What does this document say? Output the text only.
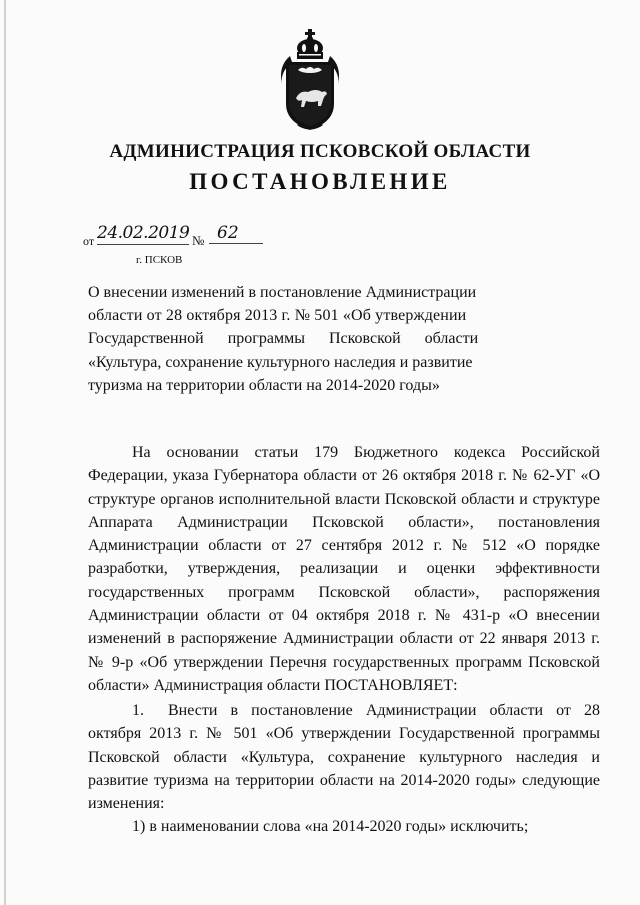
АДМИНИСТРАЦИЯ ПСКОВСКОЙ ОБЛАСТИ
ПОСТАНОВЛЕНИЕ
от 24.02.2019 № 62
г. ПСКОВ
О внесении изменений в постановление Администрации
области от 28 октября 2013 г. № 501 «Об утверждении
Государственной      программы      Псковской      области
«Культура, сохранение культурного наследия и развитие
туризма на территории области на 2014-2020 годы»
На основании статьи 179 Бюджетного кодекса Российской Федерации, указа Губернатора области от 26 октября 2018 г. № 62-УГ «О структуре органов исполнительной власти Псковской области и структуре Аппарата Администрации Псковской области», постановления Администрации области от 27 сентября 2012 г. № 512 «О порядке разработки, утверждения, реализации и оценки эффективности государственных программ Псковской области», распоряжения Администрации области от 04 октября 2018 г. № 431-р «О внесении изменений в распоряжение Администрации области от 22 января 2013 г. № 9-р «Об утверждении Перечня государственных программ Псковской области» Администрация области ПОСТАНОВЛЯЕТ:
1. Внести в постановление Администрации области от 28 октября 2013 г. № 501 «Об утверждении Государственной программы Псковской области «Культура, сохранение культурного наследия и развитие туризма на территории области на 2014-2020 годы» следующие изменения:
1) в наименовании слова «на 2014-2020 годы» исключить;
